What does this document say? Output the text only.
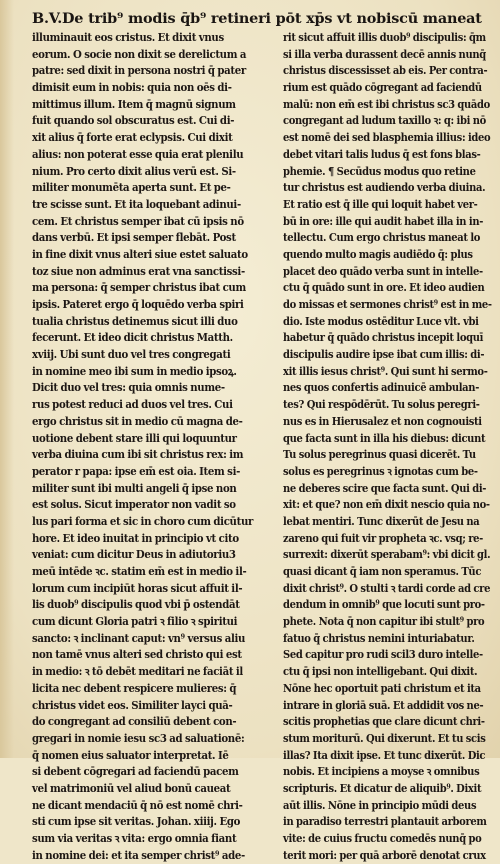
B.V.De trib⁹ modis q̄b⁹ retineri pōt xp̄s vt nobiscū maneat
illuminauit eos cristus. Et dixit vnus
eorum. O socie non dixit se derelictum a
patre: sed dixit in persona nostri q̄ pater
dimisit eum in nobis: quia non oēs di-
mittimus illum. Item q̄ magnū signum
fuit quando sol obscuratus est. Cui di-
xit alius q̄ forte erat eclypsis. Cui dixit
alius: non poterat esse quia erat plenilu
nium. Pro certo dixit alius verū est. Si-
militer monumēta aperta sunt. Et pe-
tre scisse sunt. Et ita loquebant adinui-
cem. Et christus semper ibat cū ipsis nō
dans verbū. Et ipsi semper flebāt. Post
in fine dixit vnus alteri siue estet saluato
toz siue non adminus erat vna sanctissi-
ma persona: q̄ semper christus ibat cum
ipsis. Pateret ergo q̄ loquēdo verba spiri
tualia christus detinemus sicut illi duo
fecerunt. Et ideo dicit christus Matth.
xviij. Ubi sunt duo vel tres congregati
in nomine meo ibi sum in medio ipsoꝝ.
Dicit duo vel tres: quia omnis nume-
rus potest reduci ad duos vel tres. Cui
ergo christus sit in medio cū magna de-
uotione debent stare illi qui loquuntur
verba diuina cum ibi sit christus rex: im
perator r papa: ipse em̄ est oia. Item si-
militer sunt ibi multi angeli q̄ ipse non
est solus. Sicut imperator non vadit so
lus pari forma et sic in choro cum dicūtur
hore. Et ideo inuitat in principio vt cito
veniat: cum dicitur Deus in adiutoriu3
meū intēde ꝛc. statim em̄ est in medio il-
lorum cum incipiūt horas sicut affuit il-
lis duob⁹ discipulis quod vbi p̄ ostendāt
cum dicunt Gloria patri ꝛ filio ꝛ spiritui
sancto: ꝛ inclinant caput: vn⁹ versus aliu
non tamē vnus alteri sed christo qui est
in medio: ꝛ tō debēt meditari ne faciāt il
licita nec debent respicere mulieres: q̄
christus videt eos. Similiter layci quā-
do congregant ad consiliū debent con-
gregari in nomie iesu sc3 ad saluationē:
q̄ nomen eius saluator interpretat. Iē
si debent cōgregari ad faciendū pacem
vel matrimoniū vel aliud bonū caueat
ne dicant mendaciū q̄ nō est nomē chri-
sti cum ipse sit veritas. Johan. xiiij. Ego
sum via veritas ꝛ vita: ergo omnia fiant
in nomine dei: et ita semper christ⁹ ade-
rit sicut affuit illis duob⁹ discipulis: q̄m
si illa verba durassent decē annis nunq̄
christus discessisset ab eis. Per contra-
rium est quādo cōgregant ad faciendū
malū: non em̄ est ibi christus sc3 quādo
congregant ad ludum taxillo ꝛ: q: ibi nō
est nomē dei sed blasphemia illius: ideo
debet vitari talis ludus q̄ est fons blas-
phemie. ¶ Secūdus modus quo retine
tur christus est audiendo verba diuina.
Et ratio est q̄ ille qui loquit habet ver-
bū in ore: ille qui audit habet illa in in-
tellectu. Cum ergo christus maneat lo
quendo multo magis audiēdo q̄: plus
placet deo quādo verba sunt in intelle-
ctu q̄ quādo sunt in ore. Et ideo audien
do missas et sermones christ⁹ est in me-
dio. Iste modus ostēditur Luce vlt. vbi
habetur q̄ quādo christus incepit loquī
discipulis audire ipse ibat cum illis: di-
xit illis iesus christ⁹. Qui sunt hi sermo-
nes quos confertis adinuicē ambulan-
tes? Qui respōdērūt. Tu solus peregri-
nus es in Hierusalez et non cognouisti
que facta sunt in illa his diebus: dicunt
Tu solus peregrinus quasi dicerēt. Tu
solus es peregrinus ꝛ ignotas cum be-
ne deberes scire que facta sunt. Qui di-
xit: et que? non em̄ dixit nescio quia no-
lebat mentiri. Tunc dixerūt de Jesu na
zareno qui fuit vir propheta ꝛc. vsq; re-
surrexit: dixerūt sperabam⁹: vbi dicit gl.
quasi dicant q̄ iam non speramus. Tūc
dixit christ⁹. O stulti ꝛ tardi corde ad cre
dendum in omnib⁹ que locuti sunt pro-
phete. Nota q̄ non capitur ibi stult⁹ pro
fatuo q̄ christus nemini inturiabatur.
Sed capitur pro rudi scil3 duro intelle-
ctu q̄ ipsi non intelligebant. Qui dixit.
Nōne hec oportuit pati christum et ita
intrare in gloriā suā. Et addidit vos ne-
scitis prophetias que clare dicunt chri-
stum moriturū. Qui dixerunt. Et tu scis
illas? Ita dixit ipse. Et tunc dixerūt. Dic
nobis. Et incipiens a moyse ꝛ omnibus
scripturis. Et dicatur de aliquib⁹. Dixit
aūt illis. Nōne in principio mūdi deus
in paradiso terrestri plantauit arborem
vite: de cuius fructu comedēs nunq̄ po
terit mori: per quā arborē denotat crux
